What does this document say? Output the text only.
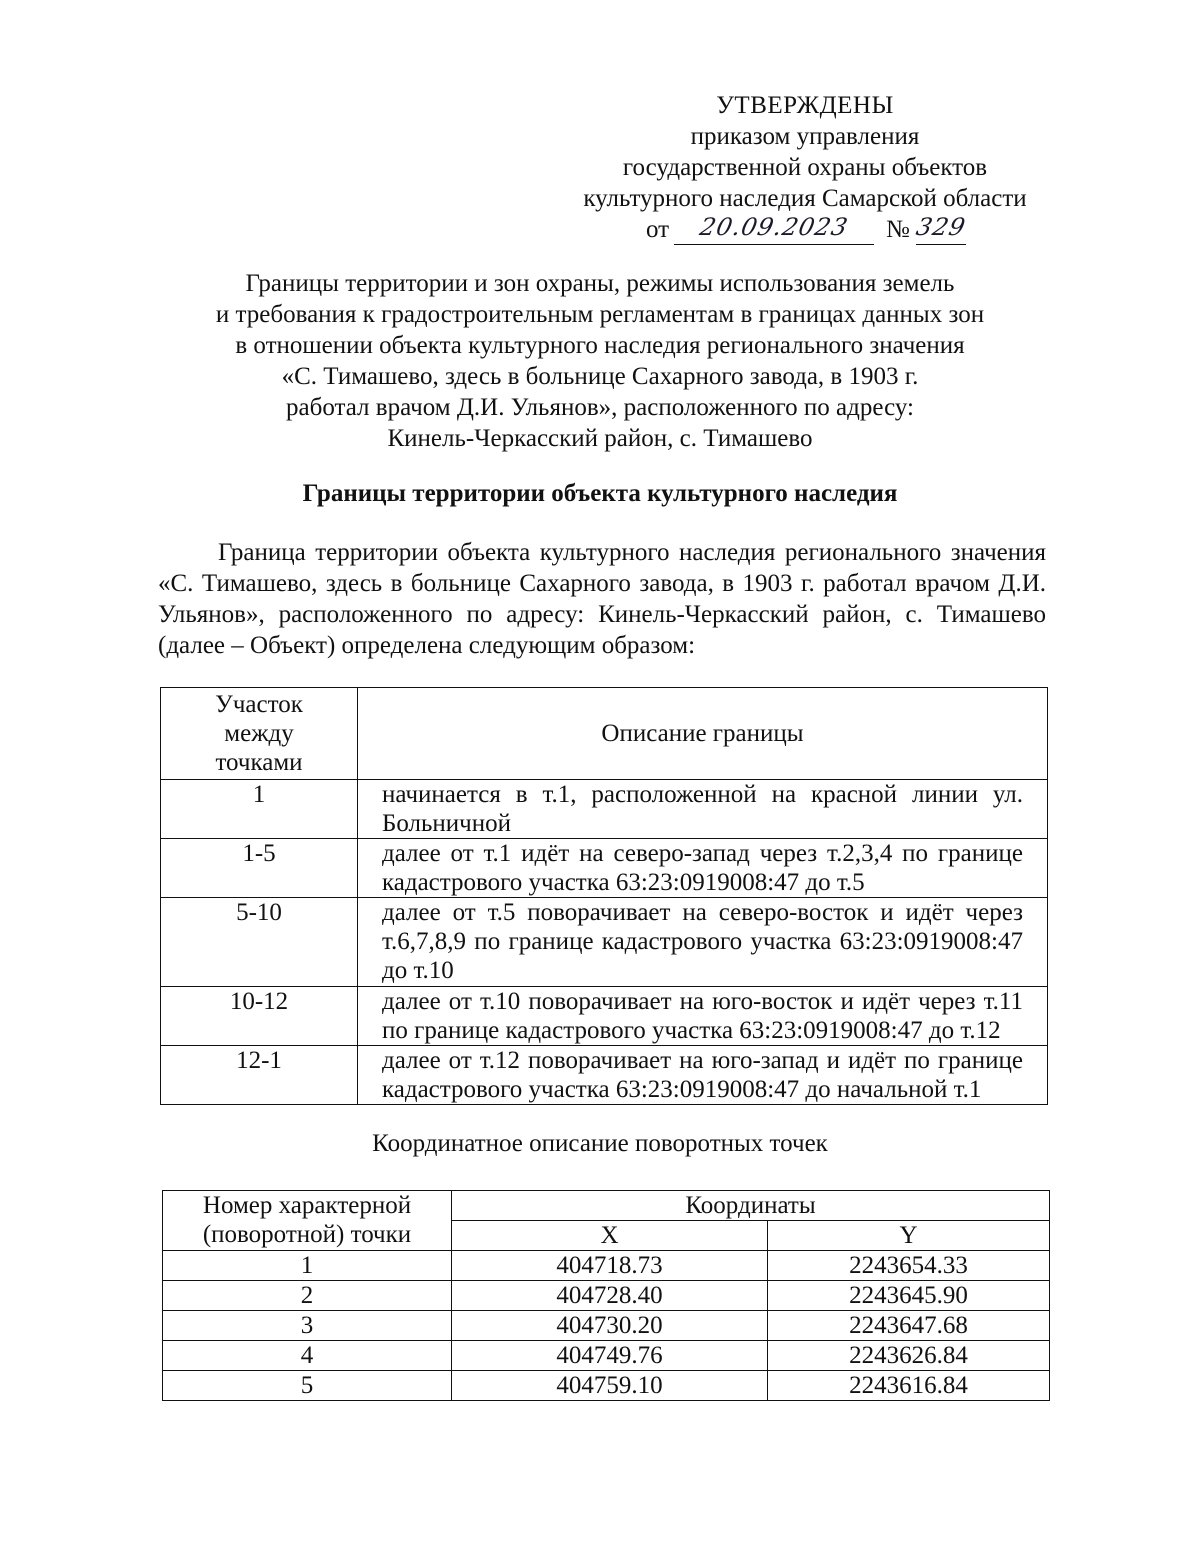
УТВЕРЖДЕНЫ
приказом управления
государственной охраны объектов
культурного наследия Самарской области
от	20.09.2023	№ 329
Границы территории и зон охраны, режимы использования земель
и требования к градостроительным регламентам в границах данных зон
в отношении объекта культурного наследия регионального значения
«С. Тимашево, здесь в больнице Сахарного завода, в 1903 г.
работал врачом Д.И. Ульянов», расположенного по адресу:
Кинель-Черкасский район, с. Тимашево
Границы территории объекта культурного наследия
Граница территории объекта культурного наследия регионального значения «С. Тимашево, здесь в больнице Сахарного завода, в 1903 г. работал врачом Д.И. Ульянов», расположенного по адресу: Кинель-Черкасский район, с. Тимашево (далее – Объект) определена следующим образом:
Участок между точками	Описание границы
1	начинается в т.1, расположенной на красной линии ул. Больничной
1-5	далее от т.1 идёт на северо-запад через т.2,3,4 по границе кадастрового участка 63:23:0919008:47 до т.5
5-10	далее от т.5 поворачивает на северо-восток и идёт через т.6,7,8,9 по границе кадастрового участка 63:23:0919008:47 до т.10
10-12	далее от т.10 поворачивает на юго-восток и идёт через т.11 по границе кадастрового участка 63:23:0919008:47 до т.12
12-1	далее от т.12 поворачивает на юго-запад и идёт по границе кадастрового участка 63:23:0919008:47 до начальной т.1
Координатное описание поворотных точек
Номер характерной (поворотной) точки	Координаты	
	X	Y
1	404718.73	2243654.33
2	404728.40	2243645.90
3	404730.20	2243647.68
4	404749.76	2243626.84
5	404759.10	2243616.84
